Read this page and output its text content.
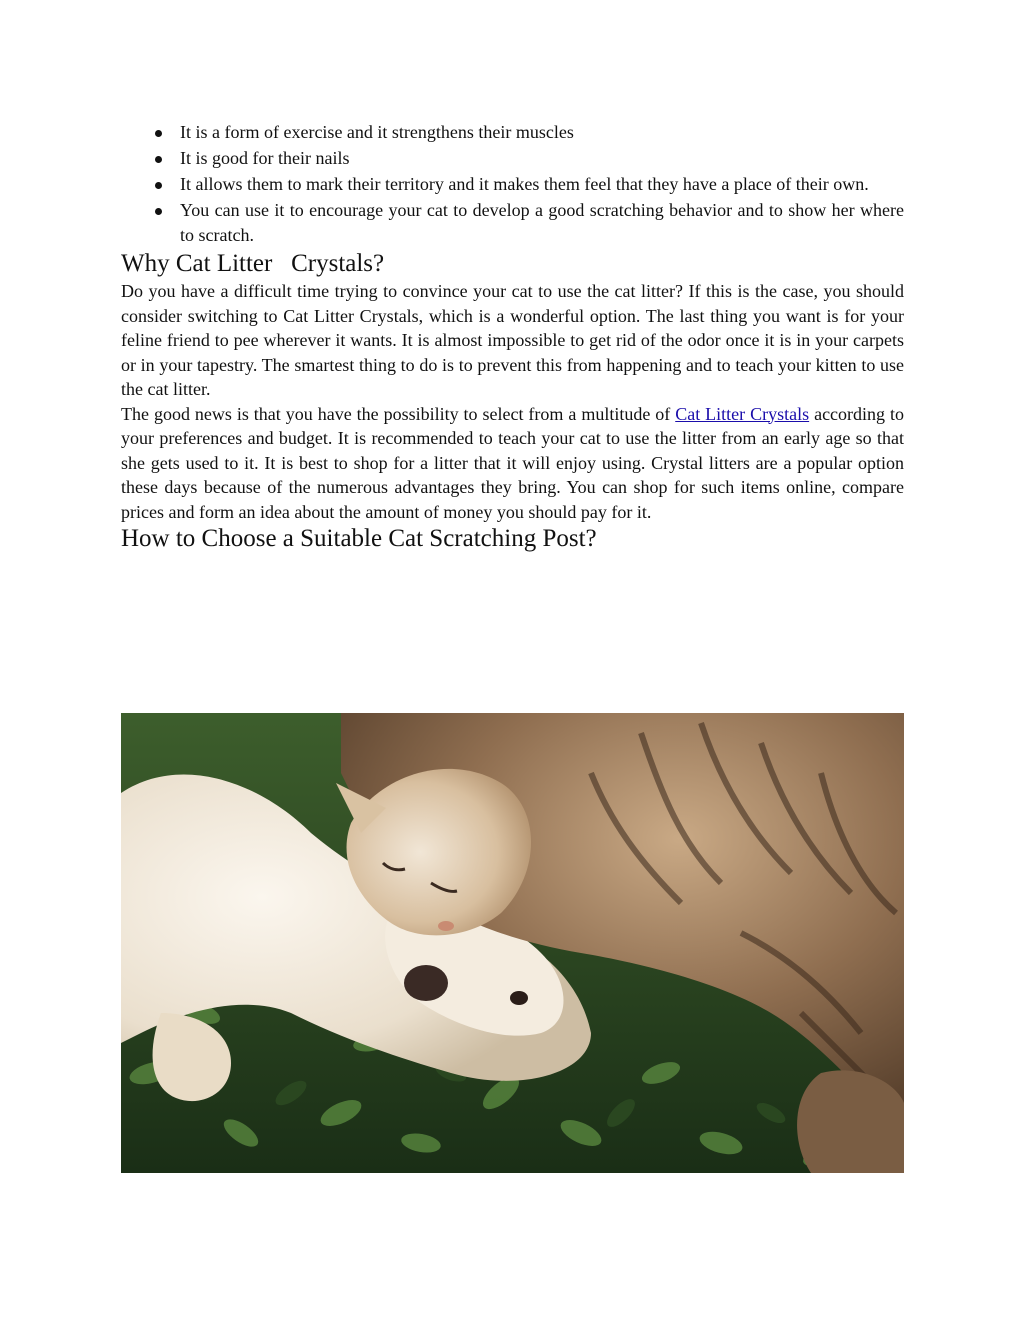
It is a form of exercise and it strengthens their muscles
It is good for their nails
It allows them to mark their territory and it makes them feel that they have a place of their own.
You can use it to encourage your cat to develop a good scratching behavior and to show her where to scratch.
Why Cat Litter   Crystals?

Do you have a difficult time trying to convince your cat to use the cat litter? If this is the case, you should consider switching to Cat Litter Crystals, which is a wonderful option. The last thing you want is for your feline friend to pee wherever it wants. It is almost impossible to get rid of the odor once it is in your carpets or in your tapestry. The smartest thing to do is to prevent this from happening and to teach your kitten to use the cat litter.

The good news is that you have the possibility to select from a multitude of Cat Litter Crystals according to your preferences and budget. It is recommended to teach your cat to use the litter from an early age so that she gets used to it. It is best to shop for a litter that it will enjoy using. Crystal litters are a popular option these days because of the numerous advantages they bring. You can shop for such items online, compare prices and form an idea about the amount of money you should pay for it.

How to Choose a Suitable Cat Scratching Post?
